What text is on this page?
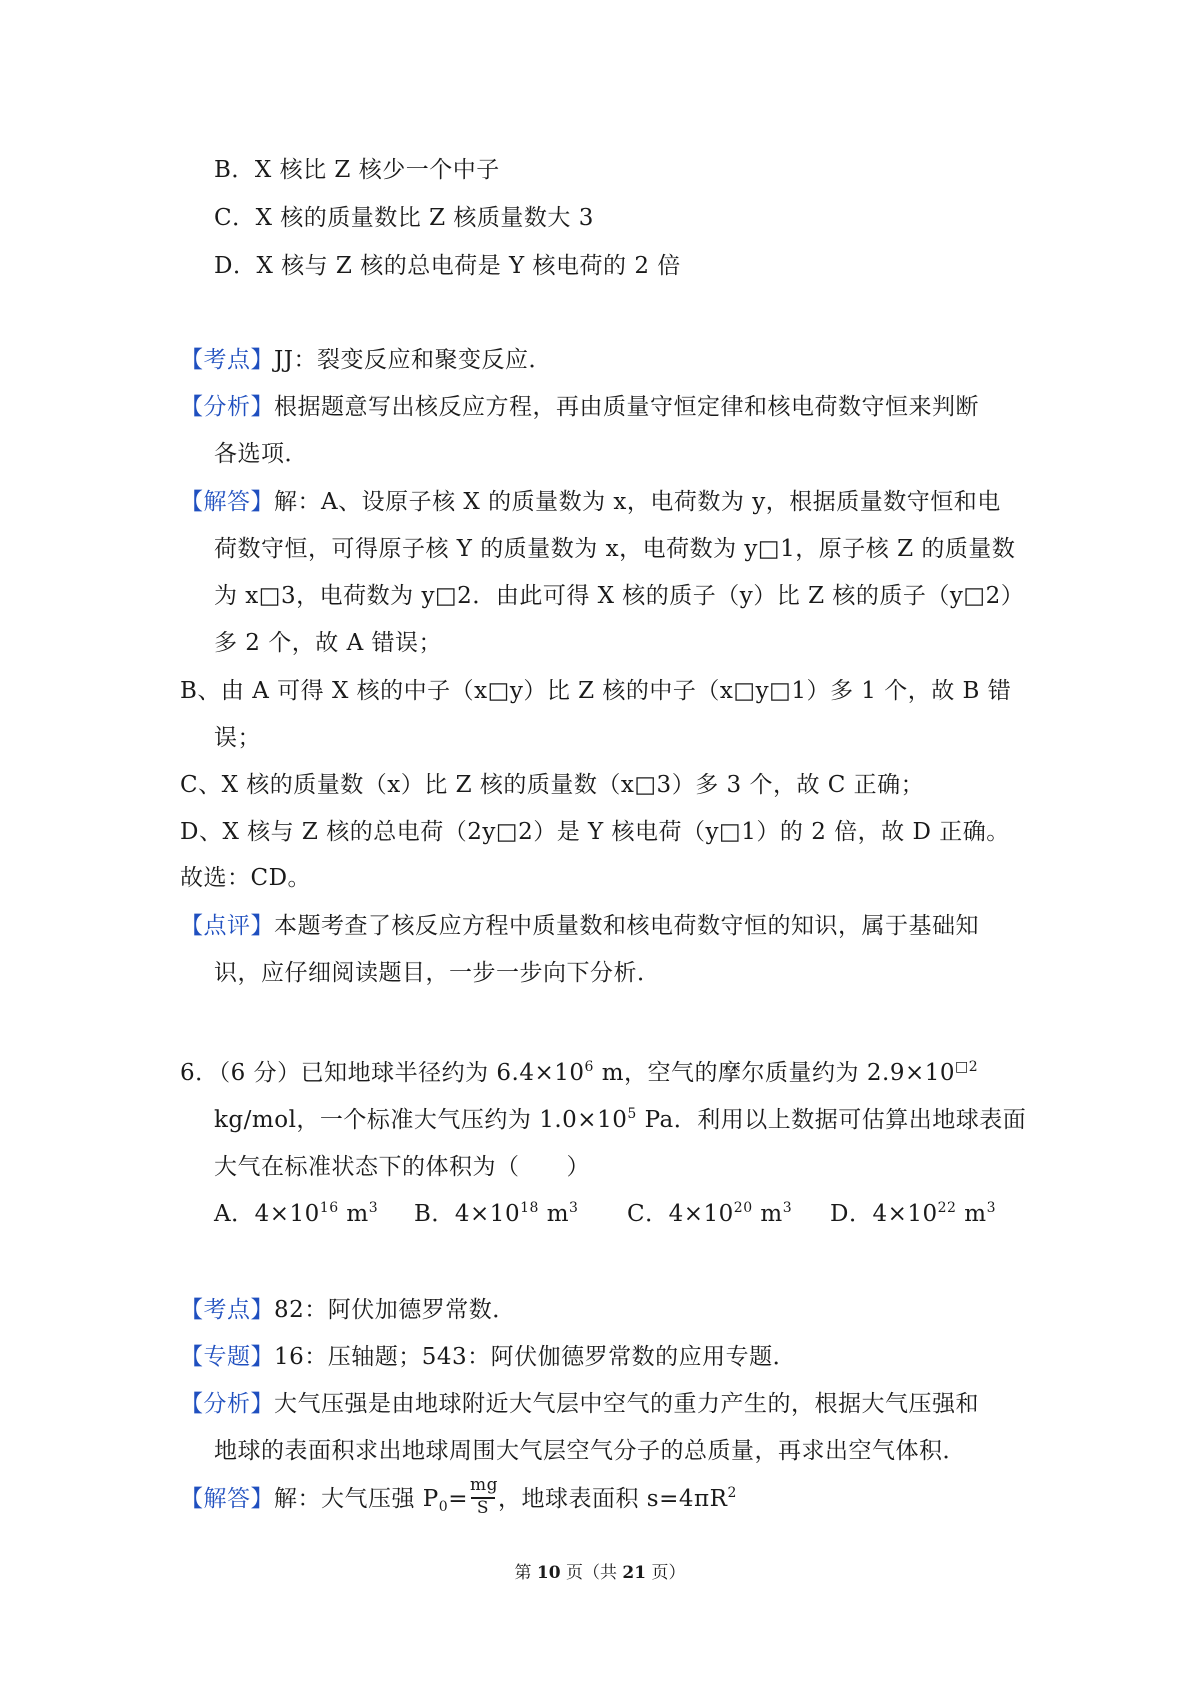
B．X 核比 Z 核少一个中子
C．X 核的质量数比 Z 核质量数大 3
D．X 核与 Z 核的总电荷是 Y 核电荷的 2 倍
【考点】JJ：裂变反应和聚变反应．
【分析】根据题意写出核反应方程，再由质量守恒定律和核电荷数守恒来判断
各选项．
【解答】解：A、设原子核 X 的质量数为 x，电荷数为 y，根据质量数守恒和电
荷数守恒，可得原子核 Y 的质量数为 x，电荷数为 y□1，原子核 Z 的质量数
为 x□3，电荷数为 y□2．由此可得 X 核的质子（y）比 Z 核的质子（y□2）
多 2 个，故 A 错误；
B、由 A 可得 X 核的中子（x□y）比 Z 核的中子（x□y□1）多 1 个，故 B 错
误；
C、X 核的质量数（x）比 Z 核的质量数（x□3）多 3 个，故 C 正确；
D、X 核与 Z 核的总电荷（2y□2）是 Y 核电荷（y□1）的 2 倍，故 D 正确。
故选：CD。
【点评】本题考查了核反应方程中质量数和核电荷数守恒的知识，属于基础知
识，应仔细阅读题目，一步一步向下分析．
6．（6 分）已知地球半径约为 $6.4\times 10^6$ m，空气的摩尔质量约为 $2.9\times 10^{□2}$
kg/mol，一个标准大气压约为 $1.0\times 10^5$ Pa．利用以上数据可估算出地球表面
大气在标准状态下的体积为（　　）
A．$4\times 10^{16}$ $m^3$ B．$4\times 10^{18}$ $m^3$ C．$4\times 10^{20}$ $m^3$ D．$4\times 10^{22}$ $m^3$
【考点】82：阿伏加德罗常数．
【专题】16：压轴题；543：阿伏伽德罗常数的应用专题．
【分析】大气压强是由地球附近大气层中空气的重力产生的，根据大气压强和
地球的表面积求出地球周围大气层空气分子的总质量，再求出空气体积．
【解答】解：大气压强 $P_0= \frac{mg}{S}$ ，地球表面积 $s=4\pi R^2$
第 10 页（共 21 页）
